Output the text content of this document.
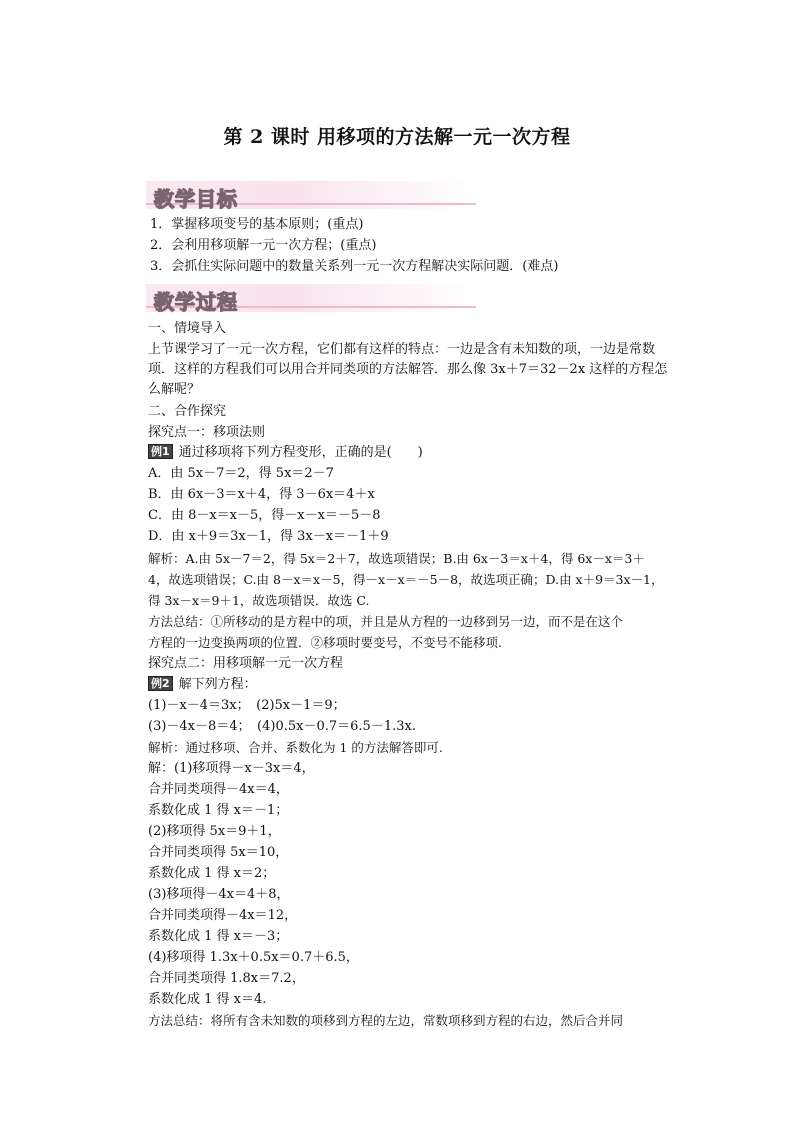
第 2 课时 用移项的方法解一元一次方程
教学目标
1．掌握移项变号的基本原则；(重点)
2．会利用移项解一元一次方程；(重点)
3．会抓住实际问题中的数量关系列一元一次方程解决实际问题．(难点)
教学过程
一、情境导入
上节课学习了一元一次方程，它们都有这样的特点：一边是含有未知数的项，一边是常数项．这样的方程我们可以用合并同类项的方法解答．那么像 3x＋7＝32－2x 这样的方程怎么解呢？
二、合作探究
探究点一：移项法则
例1 通过移项将下列方程变形，正确的是(　　)
A．由 5x－7＝2，得 5x＝2－7
B．由 6x－3＝x＋4，得 3－6x＝4＋x
C．由 8－x＝x－5，得－x－x＝－5－8
D．由 x＋9＝3x－1，得 3x－x＝－1＋9
解析：A.由 5x－7＝2，得 5x＝2＋7，故选项错误；B.由 6x－3＝x＋4，得 6x－x＝3＋
4，故选项错误；C.由 8－x＝x－5，得－x－x＝－5－8，故选项正确；D.由 x＋9＝3x－1，
得 3x－x＝9＋1，故选项错误．故选 C.
方法总结：①所移动的是方程中的项，并且是从方程的一边移到另一边，而不是在这个
方程的一边变换两项的位置．②移项时要变号，不变号不能移项.
探究点二：用移项解一元一次方程
例2 解下列方程：
(1)－x－4＝3x；　(2)5x－1＝9；
(3)－4x－8＝4；　(4)0.5x－0.7＝6.5－1.3x.
解析：通过移项、合并、系数化为 1 的方法解答即可.
解：(1)移项得－x－3x＝4，
合并同类项得－4x＝4，
系数化成 1 得 x＝－1；
(2)移项得 5x＝9＋1，
合并同类项得 5x＝10，
系数化成 1 得 x＝2；
(3)移项得－4x＝4＋8，
合并同类项得－4x＝12，
系数化成 1 得 x＝－3；
(4)移项得 1.3x＋0.5x＝0.7＋6.5，
合并同类项得 1.8x＝7.2，
系数化成 1 得 x＝4.
方法总结：将所有含未知数的项移到方程的左边，常数项移到方程的右边，然后合并同
